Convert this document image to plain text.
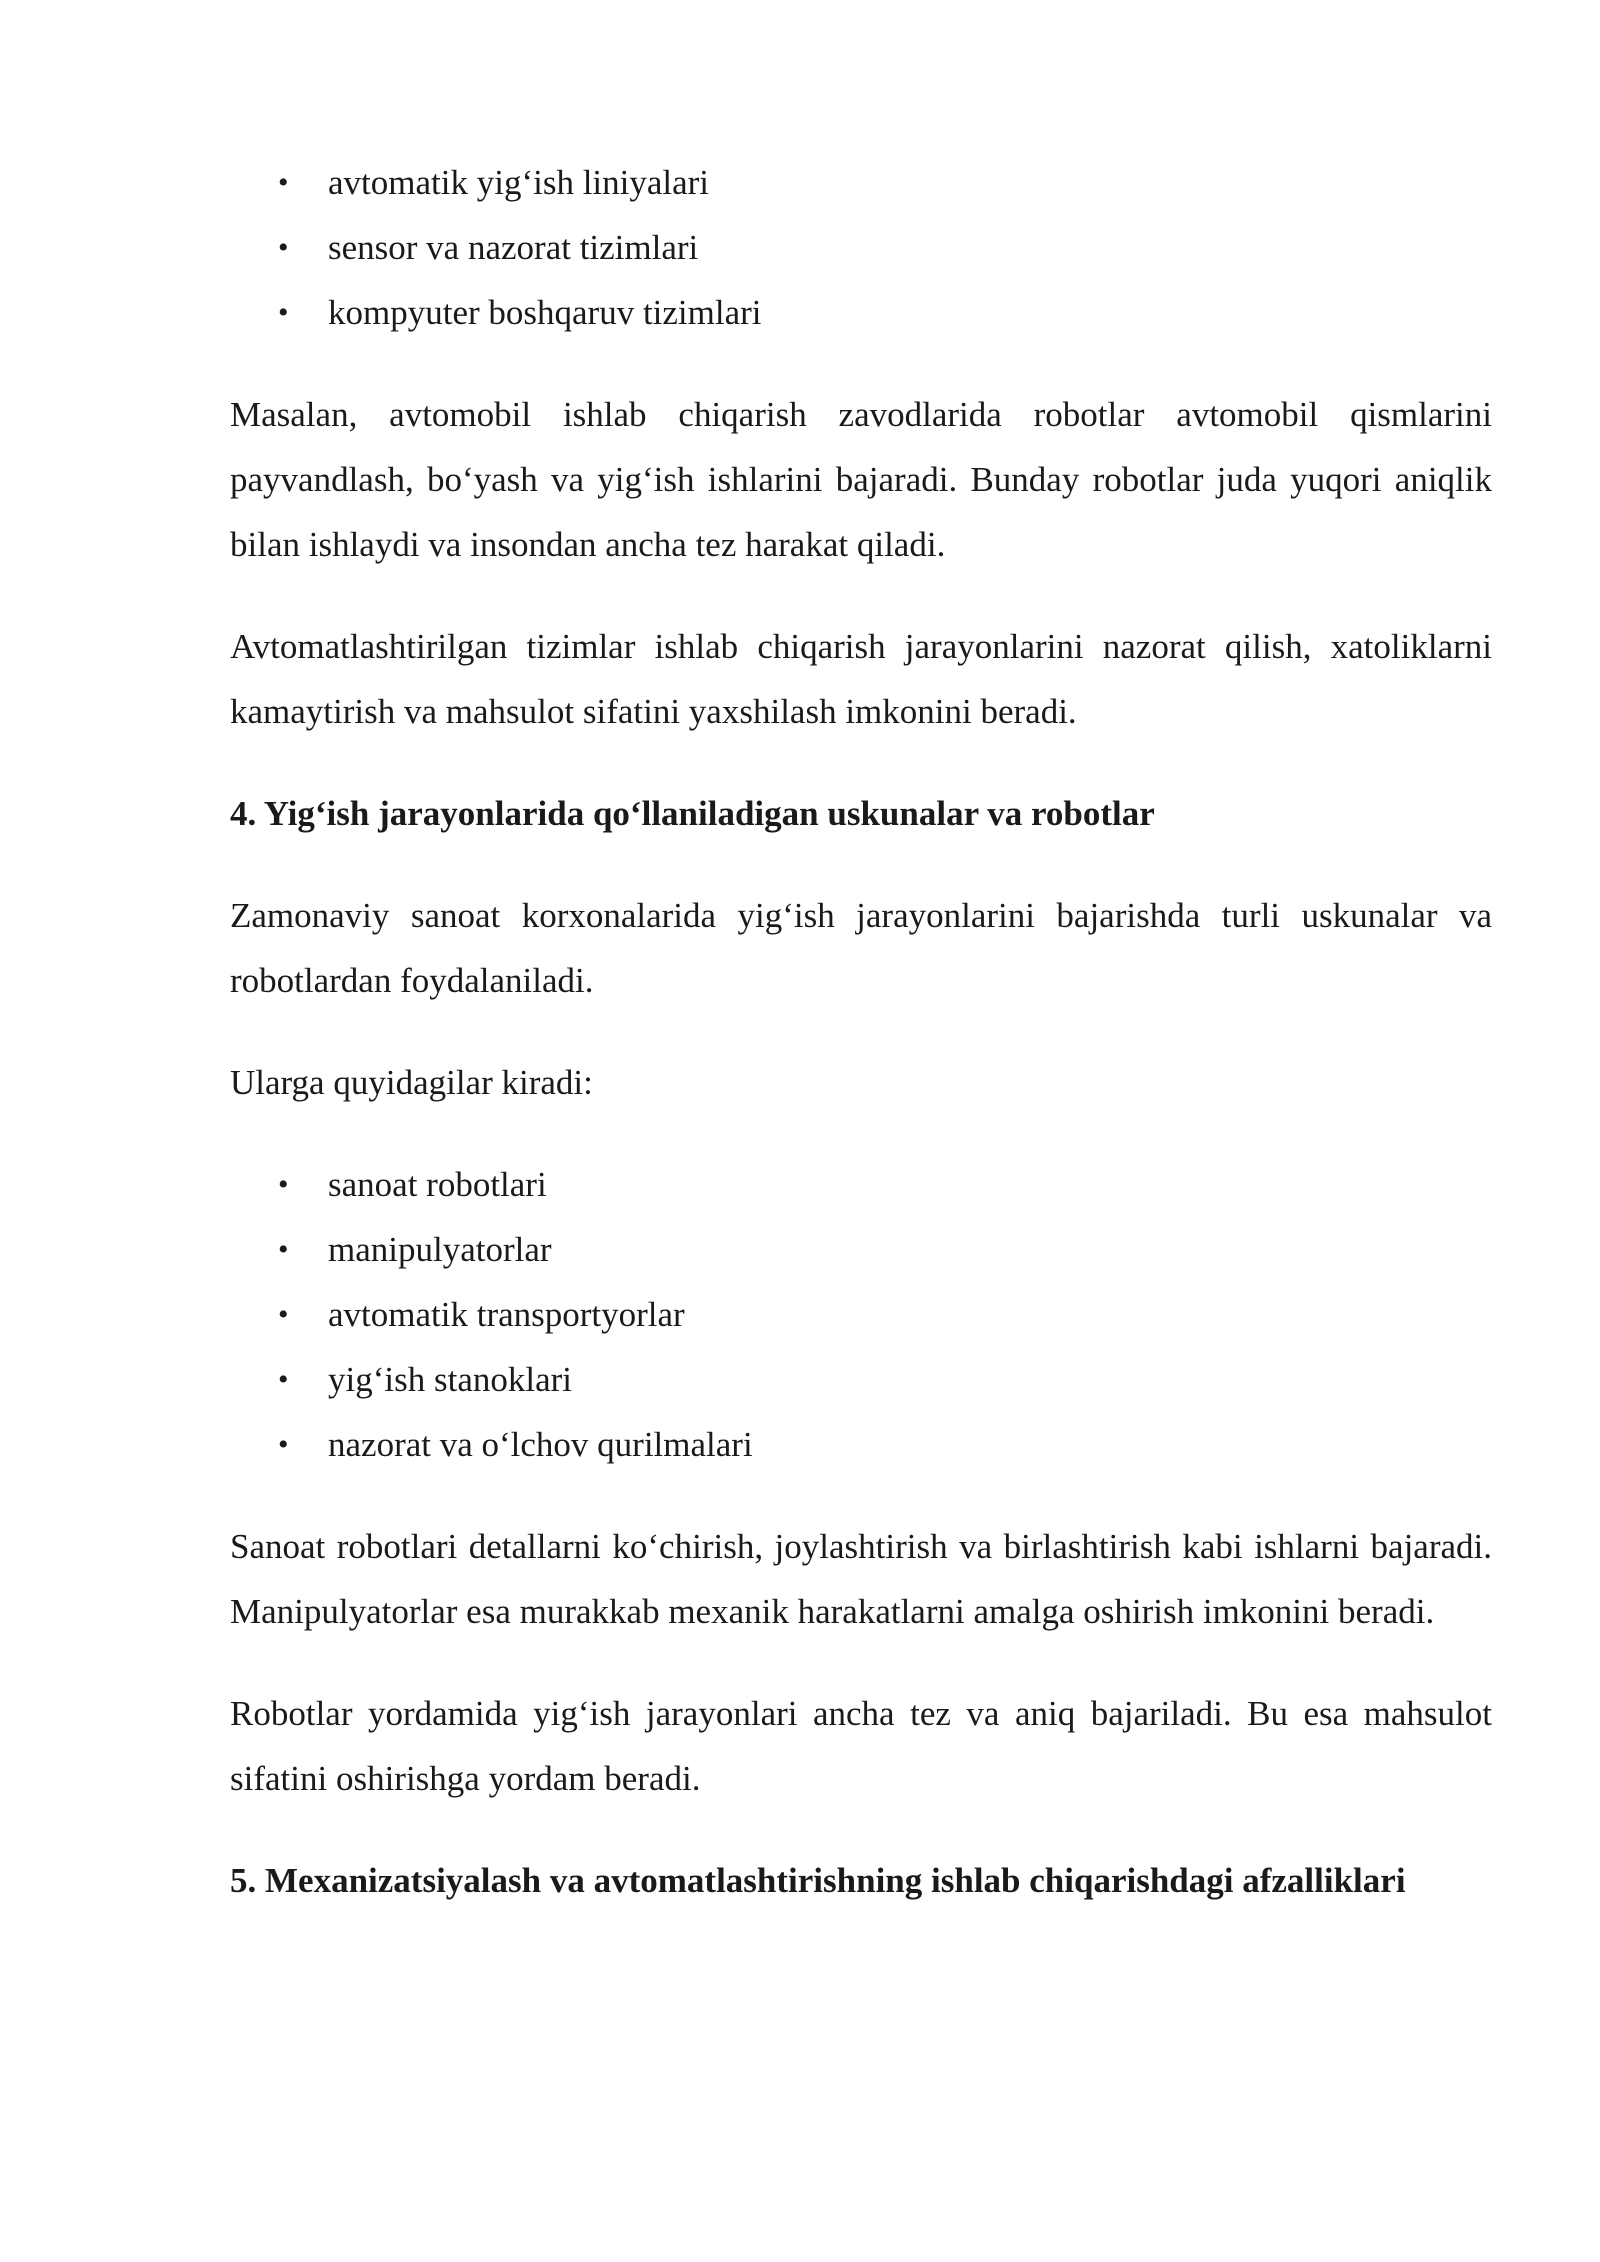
• avtomatik yig‘ish liniyalari
• sensor va nazorat tizimlari
• kompyuter boshqaruv tizimlari

Masalan, avtomobil ishlab chiqarish zavodlarida robotlar avtomobil qismlarini payvandlash, bo‘yash va yig‘ish ishlarini bajaradi. Bunday robotlar juda yuqori aniqlik bilan ishlaydi va insondan ancha tez harakat qiladi.

Avtomatlashtirilgan tizimlar ishlab chiqarish jarayonlarini nazorat qilish, xatoliklarni kamaytirish va mahsulot sifatini yaxshilash imkonini beradi.

4. Yig‘ish jarayonlarida qo‘llaniladigan uskunalar va robotlar

Zamonaviy sanoat korxonalarida yig‘ish jarayonlarini bajarishda turli uskunalar va robotlardan foydalaniladi.

Ularga quyidagilar kiradi:

• sanoat robotlari
• manipulyatorlar
• avtomatik transportyorlar
• yig‘ish stanoklari
• nazorat va o‘lchov qurilmalari

Sanoat robotlari detallarni ko‘chirish, joylashtirish va birlashtirish kabi ishlarni bajaradi. Manipulyatorlar esa murakkab mexanik harakatlarni amalga oshirish imkonini beradi.

Robotlar yordamida yig‘ish jarayonlari ancha tez va aniq bajariladi. Bu esa mahsulot sifatini oshirishga yordam beradi.

5. Mexanizatsiyalash va avtomatlashtirishning ishlab chiqarishdagi afzalliklari
